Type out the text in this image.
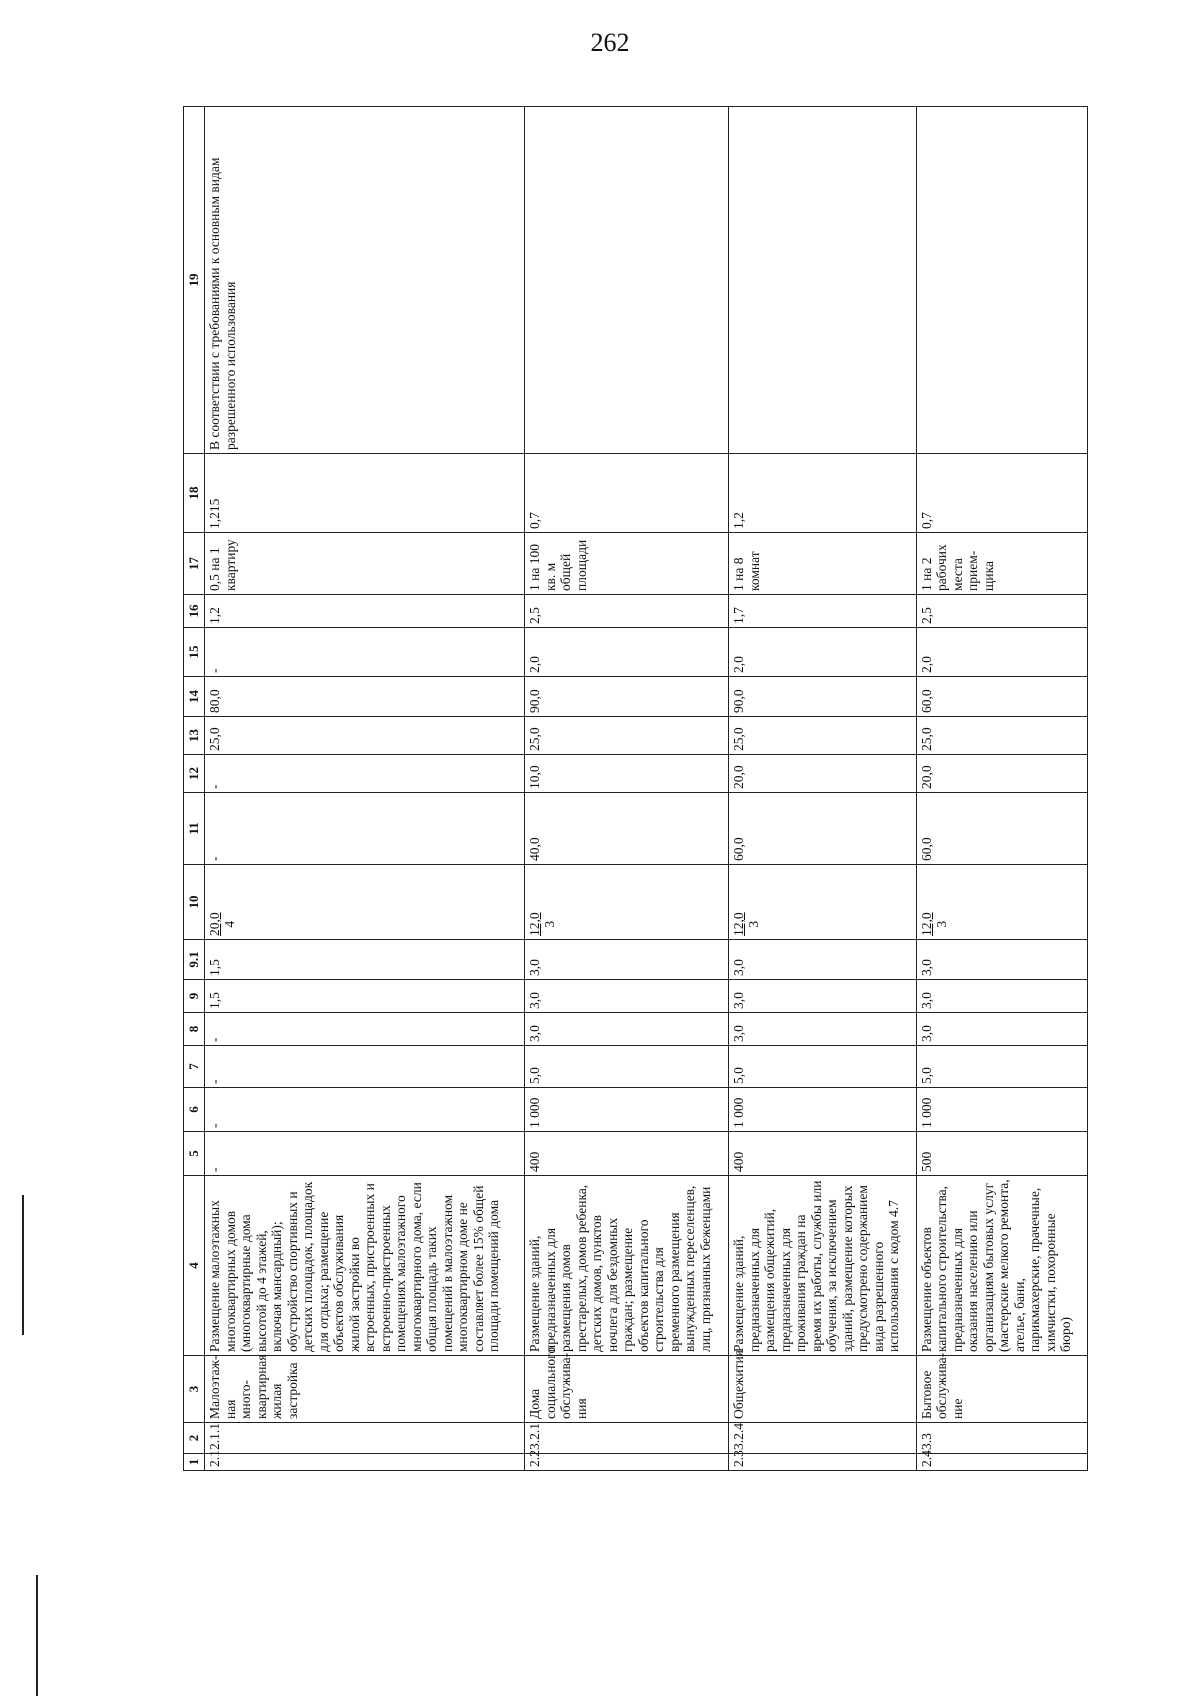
262
1	2	3	4	5	6	7	8	9	9.1	10	11	12	13	14	15	16	17	18	19
2.1	2.1.1	Малоэтаж-ная много-квартирная жилая застройка	Размещение малоэтажных многоквартирных домов (многоквартирные дома высотой до 4 этажей, включая мансардный); обустройство спортивных и детских площадок, площадок для отдыха; размещение объектов обслуживания жилой застройки во встроенных, пристроенных и встроенно-пристроенных помещениях малоэтажного многоквартирного дома, если общая площадь таких помещений в малоэтажном многоквартирном доме не составляет более 15% общей площади помещений дома	-	-	-	-	1,5	1,5	20,0 4	-	-	25,0	80,0	-	1,2	0,5 на 1 квартиру	1,215	В соответствии с требованиями к основным видам разрешенного использования
2.2	3.2.1	Дома социального обслужива-ния	Размещение зданий, предназначенных для размещения домов престарелых, домов ребенка, детских домов, пунктов ночлега для бездомных граждан; размещение объектов капитального строительства для временного размещения вынужденных переселенцев, лиц, признанных беженцами	400	1 000	5,0	3,0	3,0	3,0	12,0 3	40,0	10,0	25,0	90,0	2,0	2,5	1 на 100 кв. м общей площади	0,7	
2.3	3.2.4	Общежития	Размещение зданий, предназначенных для размещения общежитий, предназначенных для проживания граждан на время их работы, службы или обучения, за исключением зданий, размещение которых предусмотрено содержанием вида разрешенного использования с кодом 4.7	400	1 000	5,0	3,0	3,0	3,0	12,0 3	60,0	20,0	25,0	90,0	2,0	1,7	1 на 8 комнат	1,2	
2.4	3.3	Бытовое обслужива-ние	Размещение объектов капитального строительства, предназначенных для оказания населению или организациям бытовых услуг (мастерские мелкого ремонта, ателье, бани, парикмахерские, прачечные, химчистки, похоронные бюро)	500	1 000	5,0	3,0	3,0	3,0	12,0 3	60,0	20,0	25,0	60,0	2,0	2,5	1 на 2 рабочих места прием-щика	0,7	
